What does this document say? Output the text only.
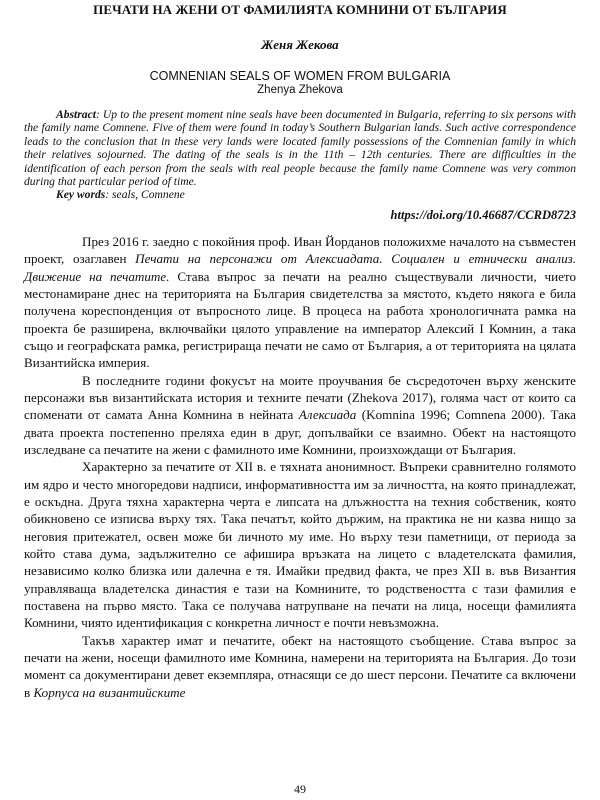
ПЕЧАТИ НА ЖЕНИ ОТ ФАМИЛИЯТА КОМНИНИ ОТ БЪЛГАРИЯ
Женя Жекова
COMNENIAN SEALS OF WOMEN FROM BULGARIA
Zhenya Zhekova
Abstract: Up to the present moment nine seals have been documented in Bulgaria, referring to six persons with the family name Comnene. Five of them were found in today’s Southern Bulgarian lands. Such active correspondence leads to the conclusion that in these very lands were located family possessions of the Comnenian family in which their relatives sojourned. The dating of the seals is in the 11th – 12th centuries. There are difficulties in the identification of each person from the seals with real people because the family name Comnene was very common during that particular period of time.
Key words: seals, Comnene
https://doi.org/10.46687/CCRD8723

През 2016 г. заедно с покойния проф. Иван Йорданов положихме началото на съвместен проект, озаглавен Печати на персонажи от Алексиадата. Социален и етнически анализ. Движение на печатите. Става въпрос за печати на реално съществували личности, чието местонамиране днес на територията на България свидетелства за мястото, където някога е била получена кореспонденция от въпросното лице. В процеса на работа хронологичната рамка на проекта бе разширена, включвайки цялото управление на император Алексий I Комнин, а така също и географската рамка, регистрираща печати не само от България, а от територията на цялата Византийска империя.

В последните години фокусът на моите проучвания бе съсредоточен върху женските персонажи във византийската история и техните печати (Zhekova 2017), голяма част от които са споменати от самата Анна Комнина в нейната Алексиада (Komnina 1996; Comnena 2000). Така двата проекта постепенно преляха един в друг, допълвайки се взаимно. Обект на настоящото изследване са печатите на жени с фамилното име Комнини, произхождащи от България.

Характерно за печатите от XII в. е тяхната анонимност. Въпреки сравнително голямото им ядро и често многоредови надписи, информативността им за личността, на която принадлежат, е оскъдна. Друга тяхна характерна черта е липсата на длъжността на техния собственик, която обикновено се изписва върху тях. Така печатът, който държим, на практика не ни казва нищо за неговия притежател, освен може би личното му име. Но върху тези паметници, от периода за който става дума, задължително се афишира връзката на лицето с владетелската фамилия, независимо колко близка или далечна е тя. Имайки предвид факта, че през XII в. във Византия управляваща владетелска династия е тази на Комнините, то родствеността с тази фамилия е поставена на първо място. Така се получава натрупване на печати на лица, носещи фамилията Комнини, чиято идентификация с конкретна личност е почти невъзможна.

Такъв характер имат и печатите, обект на настоящото съобщение. Става въпрос за печати на жени, носещи фамилното име Комнина, намерени на територията на България. До този момент са документирани девет екземпляра, отнасящи се до шест персони. Печатите са включени в Корпуса на византийските

49
